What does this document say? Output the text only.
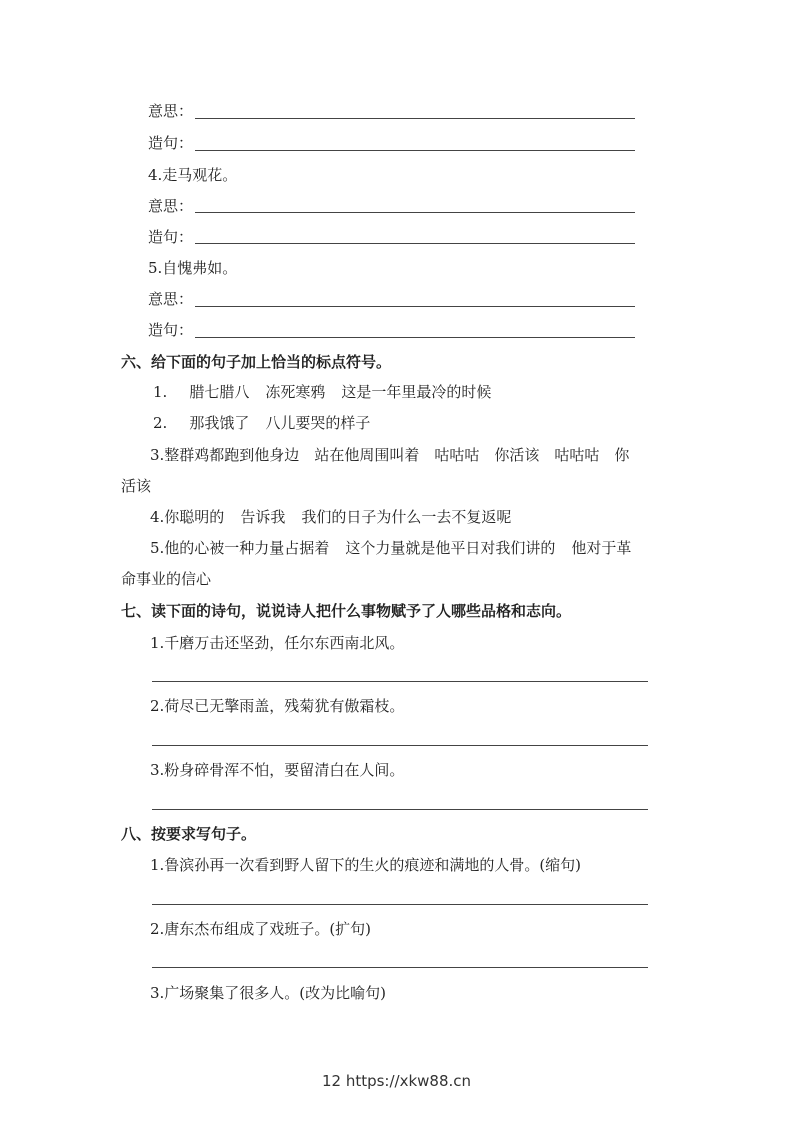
意思：
造句：
4.走马观花。
意思：
造句：
5.自愧弗如。
意思：
造句：
六、给下面的句子加上恰当的标点符号。
1. 腊七腊八 冻死寒鸦 这是一年里最冷的时候
2. 那我饿了 八儿要哭的样子
3.整群鸡都跑到他身边 站在他周围叫着 咕咕咕 你活该 咕咕咕 你
活该
4.你聪明的 告诉我 我们的日子为什么一去不复返呢
5.他的心被一种力量占据着 这个力量就是他平日对我们讲的 他对于革
命事业的信心
七、读下面的诗句，说说诗人把什么事物赋予了人哪些品格和志向。
1.千磨万击还坚劲，任尔东西南北风。
2.荷尽已无擎雨盖，残菊犹有傲霜枝。
3.粉身碎骨浑不怕，要留清白在人间。
八、按要求写句子。
1.鲁滨孙再一次看到野人留下的生火的痕迹和满地的人骨。(缩句)
2.唐东杰布组成了戏班子。(扩句)
3.广场聚集了很多人。(改为比喻句)
12 https://xkw88.cn
